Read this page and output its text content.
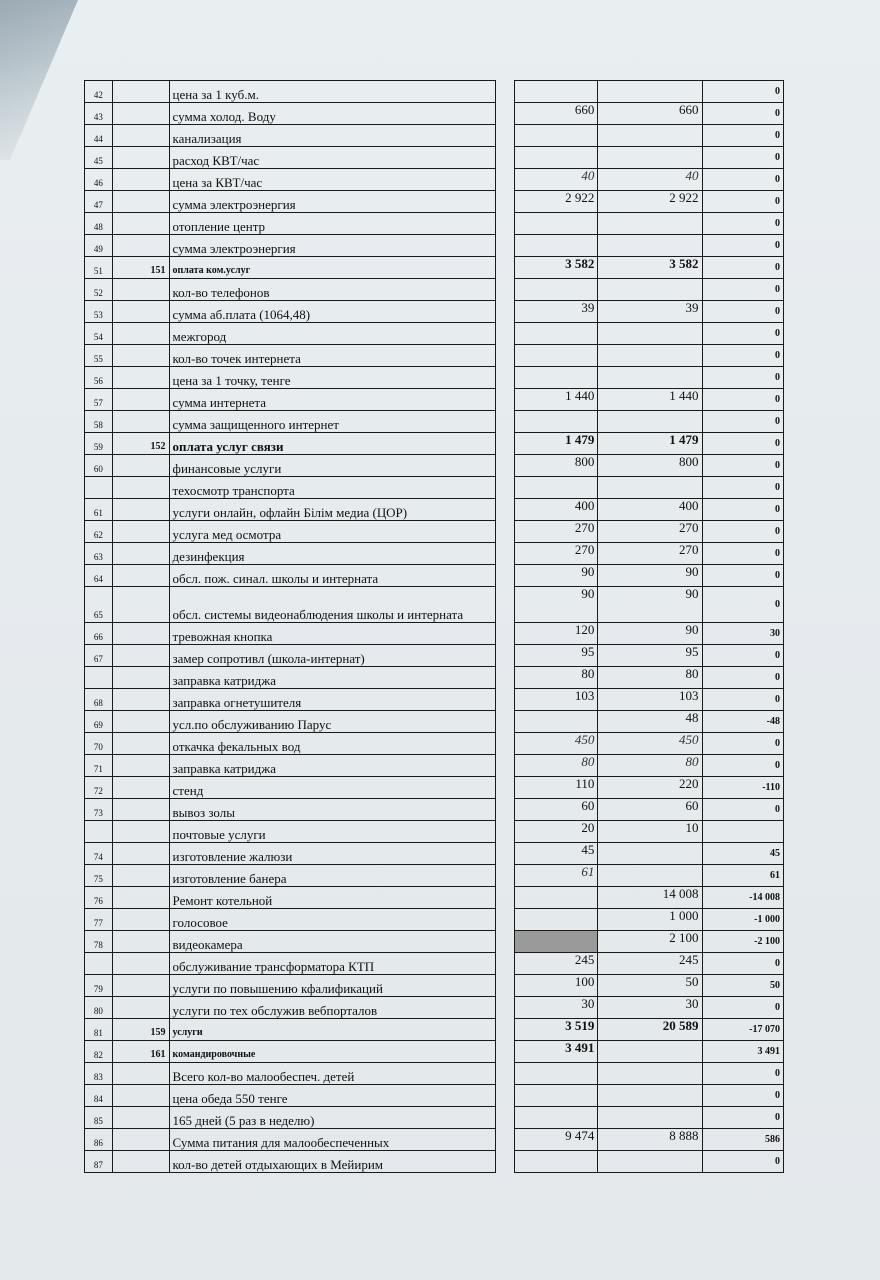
42		цена за 1 куб.м.				0
43		сумма холод. Воду		660	660	0
44		канализация				0
45		расход КВТ/час				0
46		цена за КВТ/час		40	40	0
47		сумма электроэнергия		2 922	2 922	0
48		отопление центр				0
49		сумма электроэнергия				0
51	151	оплата ком.услуг		3 582	3 582	0
52		кол-во телефонов				0
53		сумма аб.плата (1064,48)		39	39	0
54		межгород				0
55		кол-во точек интернета				0
56		цена за 1 точку, тенге				0
57		сумма интернета		1 440	1 440	0
58		сумма защищенного интернет				0
59	152	оплата услуг связи		1 479	1 479	0
60		финансовые услуги		800	800	0
		техосмотр транспорта				0
61		услуги онлайн, офлайн Білім медиа (ЦОР)		400	400	0
62		услуга мед осмотра		270	270	0
63		дезинфекция		270	270	0
64		обсл. пож. синал. школы и интерната		90	90	0
65		обсл. системы видеонаблюдения школы и интерната		90	90	0
66		тревожная кнопка		120	90	30
67		замер сопротивл (школа-интернат)		95	95	0
		заправка катриджа		80	80	0
68		заправка огнетушителя		103	103	0
69		усл.по обслуживанию Парус			48	-48
70		откачка фекальных вод		450	450	0
71		заправка катриджа		80	80	0
72		стенд		110	220	-110
73		вывоз золы		60	60	0
		почтовые услуги		20	10	
74		изготовление жалюзи		45		45
75		изготовление банера		61		61
76		Ремонт котельной			14 008	-14 008
77		голосовое			1 000	-1 000
78		видеокамера			2 100	-2 100
		обслуживание трансформатора КТП		245	245	0
79		услуги по повышению кфалификаций		100	50	50
80		услуги по тех обслужив вебпорталов		30	30	0
81	159	услуги		3 519	20 589	-17 070
82	161	командировочные		3 491		3 491
83		Всего кол-во малообеспеч. детей				0
84		цена обеда 550 тенге				0
85		165 дней (5 раз в неделю)				0
86		Сумма питания для малообеспеченных		9 474	8 888	586
87		кол-во детей отдыхающих в Мейирим				0
